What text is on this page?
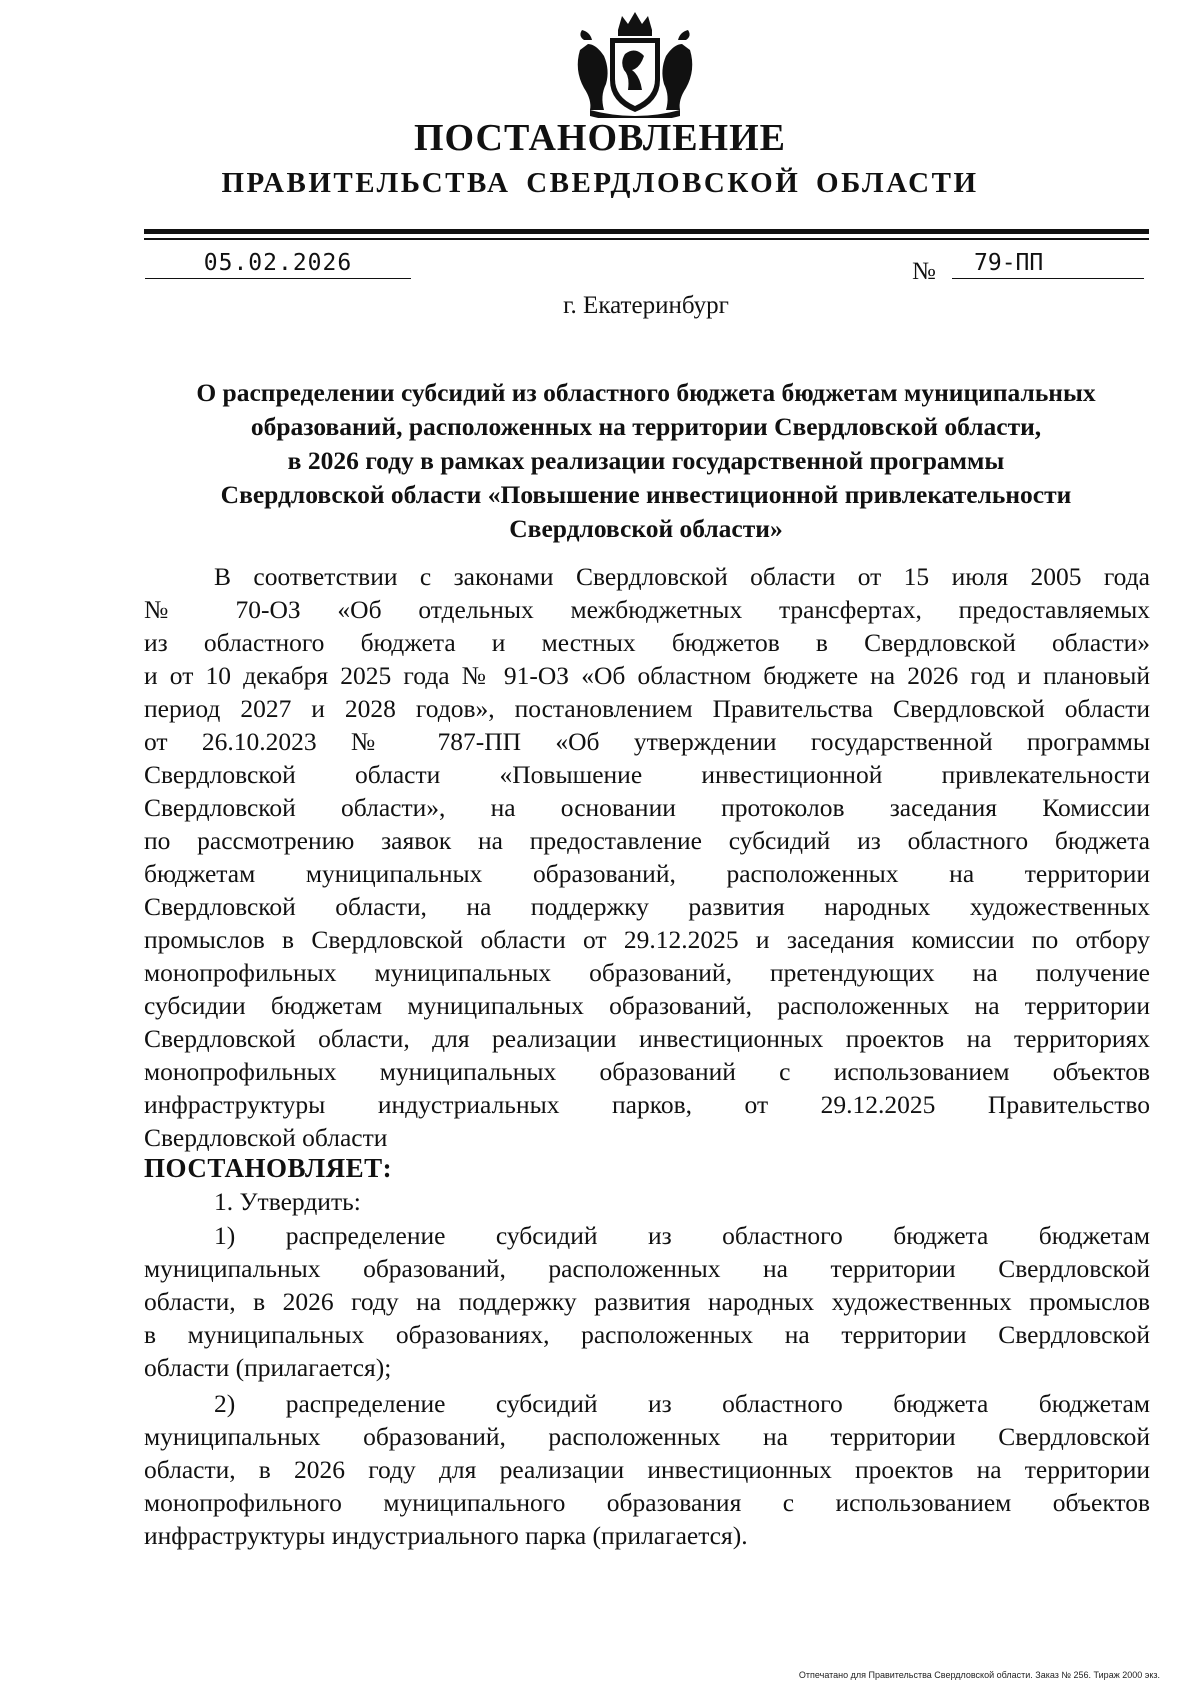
ПОСТАНОВЛЕНИЕ
ПРАВИТЕЛЬСТВА СВЕРДЛОВСКОЙ ОБЛАСТИ
05.02.2026	№	79-ПП
г. Екатеринбург
О распределении субсидий из областного бюджета бюджетам муниципальных
образований, расположенных на территории Свердловской области,
в 2026 году в рамках реализации государственной программы
Свердловской области «Повышение инвестиционной привлекательности
Свердловской области»
В соответствии с законами Свердловской области от 15 июля 2005 года
№ 70-ОЗ «Об отдельных межбюджетных трансфертах, предоставляемых
из областного бюджета и местных бюджетов в Свердловской области»
и от 10 декабря 2025 года № 91-ОЗ «Об областном бюджете на 2026 год и плановый
период 2027 и 2028 годов», постановлением Правительства Свердловской области
от 26.10.2023 № 787-ПП «Об утверждении государственной программы
Свердловской области «Повышение инвестиционной привлекательности
Свердловской области», на основании протоколов заседания Комиссии
по рассмотрению заявок на предоставление субсидий из областного бюджета
бюджетам муниципальных образований, расположенных на территории
Свердловской области, на поддержку развития народных художественных
промыслов в Свердловской области от 29.12.2025 и заседания комиссии по отбору
монопрофильных муниципальных образований, претендующих на получение
субсидии бюджетам муниципальных образований, расположенных на территории
Свердловской области, для реализации инвестиционных проектов на территориях
монопрофильных муниципальных образований с использованием объектов
инфраструктуры индустриальных парков, от 29.12.2025 Правительство
Свердловской области
ПОСТАНОВЛЯЕТ:
1. Утвердить:
1) распределение субсидий из областного бюджета бюджетам
муниципальных образований, расположенных на территории Свердловской
области, в 2026 году на поддержку развития народных художественных промыслов
в муниципальных образованиях, расположенных на территории Свердловской
области (прилагается);
2) распределение субсидий из областного бюджета бюджетам
муниципальных образований, расположенных на территории Свердловской
области, в 2026 году для реализации инвестиционных проектов на территории
монопрофильного муниципального образования с использованием объектов
инфраструктуры индустриального парка (прилагается).
Отпечатано для Правительства Свердловской области. Заказ № 256. Тираж 2000 экз.
